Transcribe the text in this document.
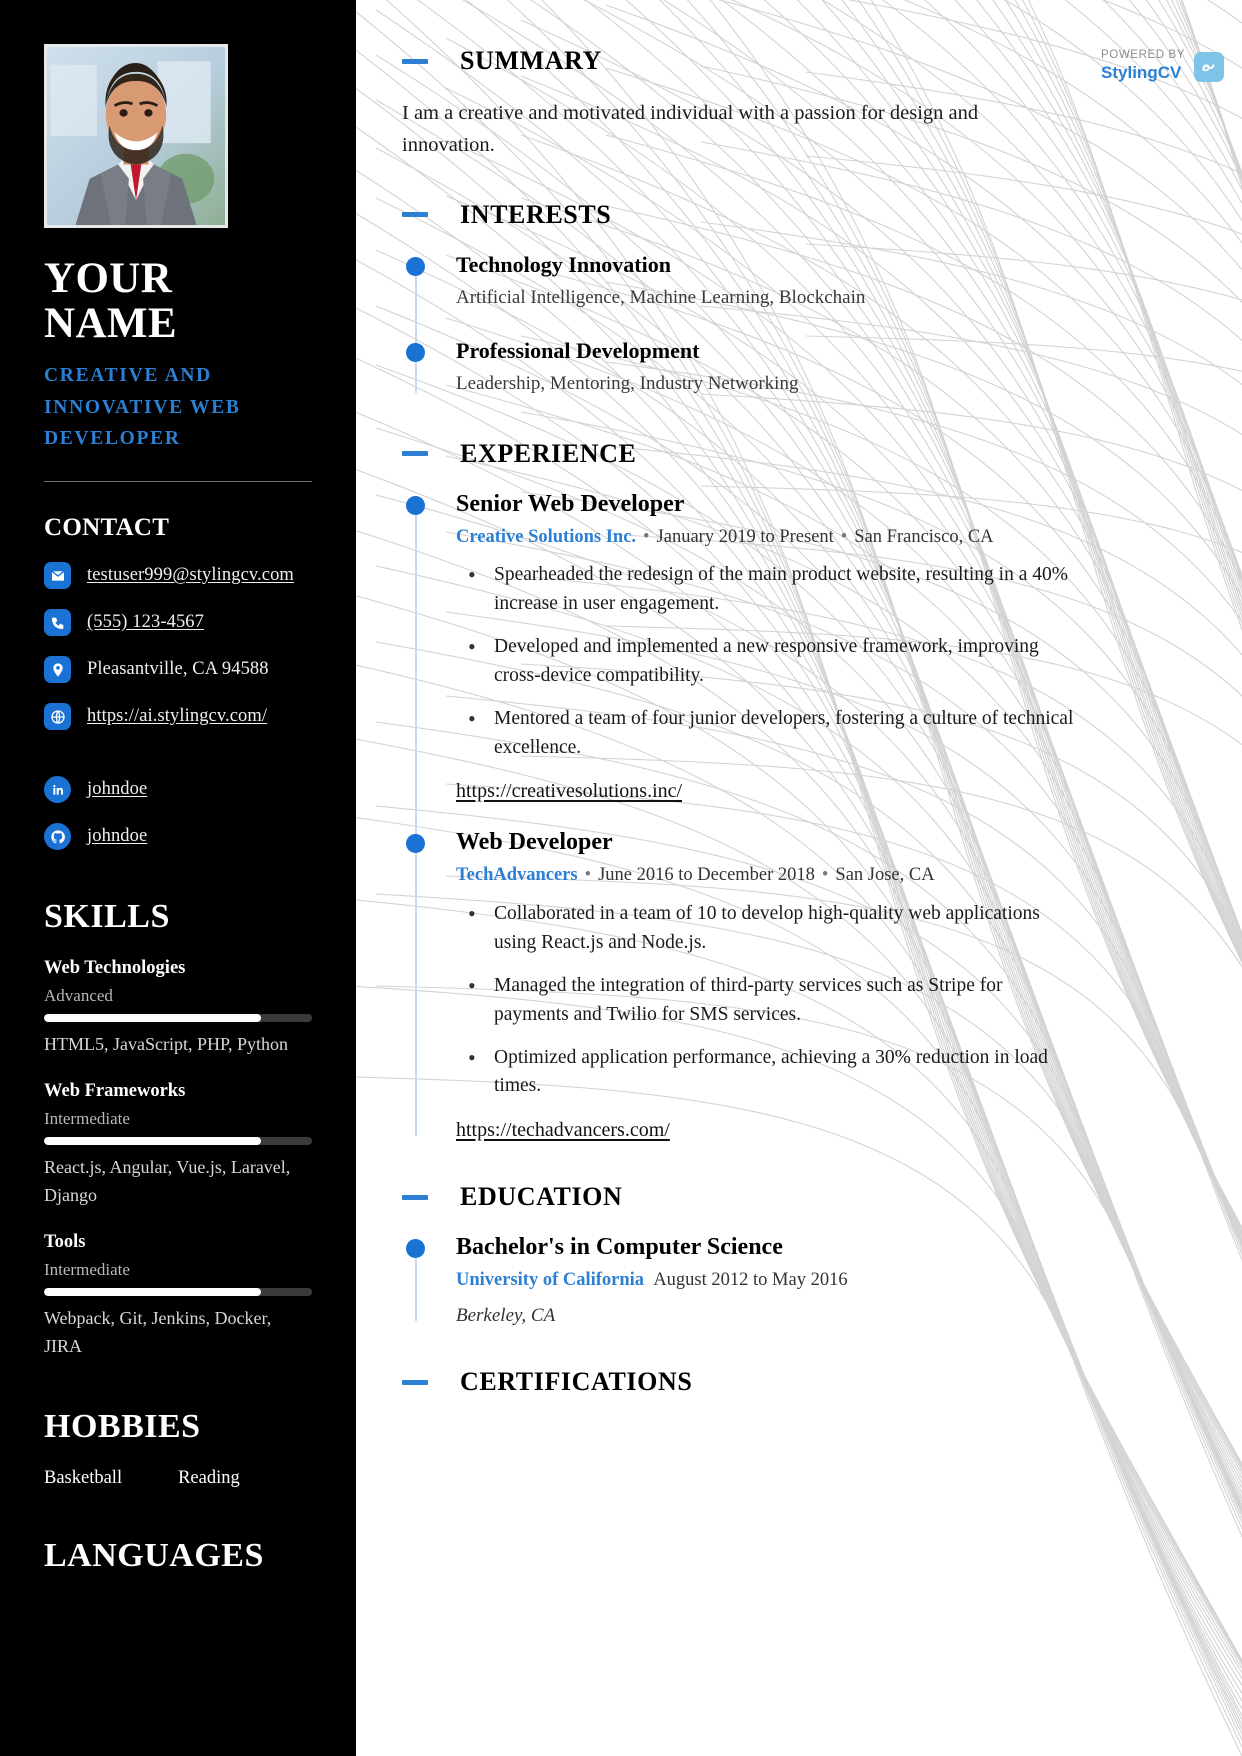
YOUR NAME
CREATIVE AND INNOVATIVE WEB DEVELOPER
CONTACT
testuser999@stylingcv.com
(555) 123-4567
Pleasantville, CA 94588
https://ai.stylingcv.com/
johndoe
johndoe
SKILLS
Web Technologies
Advanced
HTML5, JavaScript, PHP, Python
Web Frameworks
Intermediate
React.js, Angular, Vue.js, Laravel, Django
Tools
Intermediate
Webpack, Git, Jenkins, Docker, JIRA
HOBBIES
Basketball	Reading
LANGUAGES
POWERED BY
StylingCV
SUMMARY

I am a creative and motivated individual with a passion for design and innovation.

INTERESTS
Technology Innovation
Artificial Intelligence, Machine Learning, Blockchain
Professional Development
Leadership, Mentoring, Industry Networking
EXPERIENCE
Senior Web Developer
Creative Solutions Inc. • January 2019 to Present • San Francisco, CA
• Spearheaded the redesign of the main product website, resulting in a 40% increase in user engagement.
• Developed and implemented a new responsive framework, improving cross-device compatibility.
• Mentored a team of four junior developers, fostering a culture of technical excellence.
https://creativesolutions.inc/
Web Developer
TechAdvancers • June 2016 to December 2018 • San Jose, CA
• Collaborated in a team of 10 to develop high-quality web applications using React.js and Node.js.
• Managed the integration of third-party services such as Stripe for payments and Twilio for SMS services.
• Optimized application performance, achieving a 30% reduction in load times.
https://techadvancers.com/
EDUCATION
Bachelor's in Computer Science
University of California August 2012 to May 2016
Berkeley, CA
CERTIFICATIONS
